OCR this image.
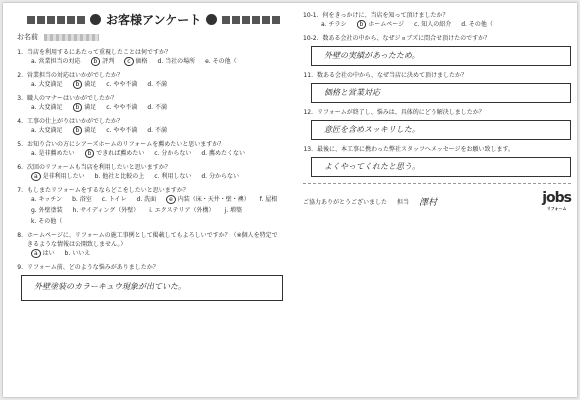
お客様アンケート
お名前
1. 当店を利用するにあたって重視したことは何ですか？
a. 営業担当の対応	b 評判	c 価格 d. 当社の場所 e. その他（
2. 営業担当の対応はいかがでしたか？
a. 大変満足	b 満足 c. やや不満 d. 不満
3. 職人のマナーはいかがでしたか？
a. 大変満足	b 満足 c. やや不満 d. 不満
4. 工事の仕上がりはいかがでしたか？
a. 大変満足	b 満足 c. やや不満 d. 不満
5. お知り合いの方にシアーズホームのリフォームを薦めたいと思いますか？
a. 是非薦めたい	b できれば薦めたい c. 分からない d. 薦めたくない
6. 次回のリフォームも当店を利用したいと思いますか？
a 是非利用したい b. 他社と比較の上 c. 利用しない d. 分からない
7. もしまたリフォームをするならどこをしたいと思いますか？
a. キッチン b. 浴室 c. トイレ d. 洗面	e 内装（床・天井・壁・襖） f. 屋根
g. 外壁塗装 h. サイディング（外壁） i. エクステリア（外構） j. 増築
k. その他（
8. ホームページに、リフォームの施工事例として掲載してもよろしいですか？（※個人を特定できるような情報は公開致しません。）
a はい b. いいえ
9. リフォーム前、どのような悩みがありましたか？
外壁塗装のカラーキュウ現象が出ていた。
10-1. 何をきっかけに、当店を知って頂けましたか？
a. チラシ	b ホームページ c. 知人の紹介 d. その他（
10-2. 数ある会社の中から、なぜジョブズに問合せ頂けたのですか？
外壁の実績があったため。
11. 数ある会社の中から、なぜ当店に決めて頂けましたか？
価格と営業対応
12. リフォームが終了し、悩みは、具体的にどう解決しましたか？
意匠を含めスッキリした。
13. 最後に、本工事に携わった弊社スタッフへメッセージをお願い致します。
よくやってくれたと思う。
ご協力ありがとうございました 担当 澤村	jobs
リフォーム
